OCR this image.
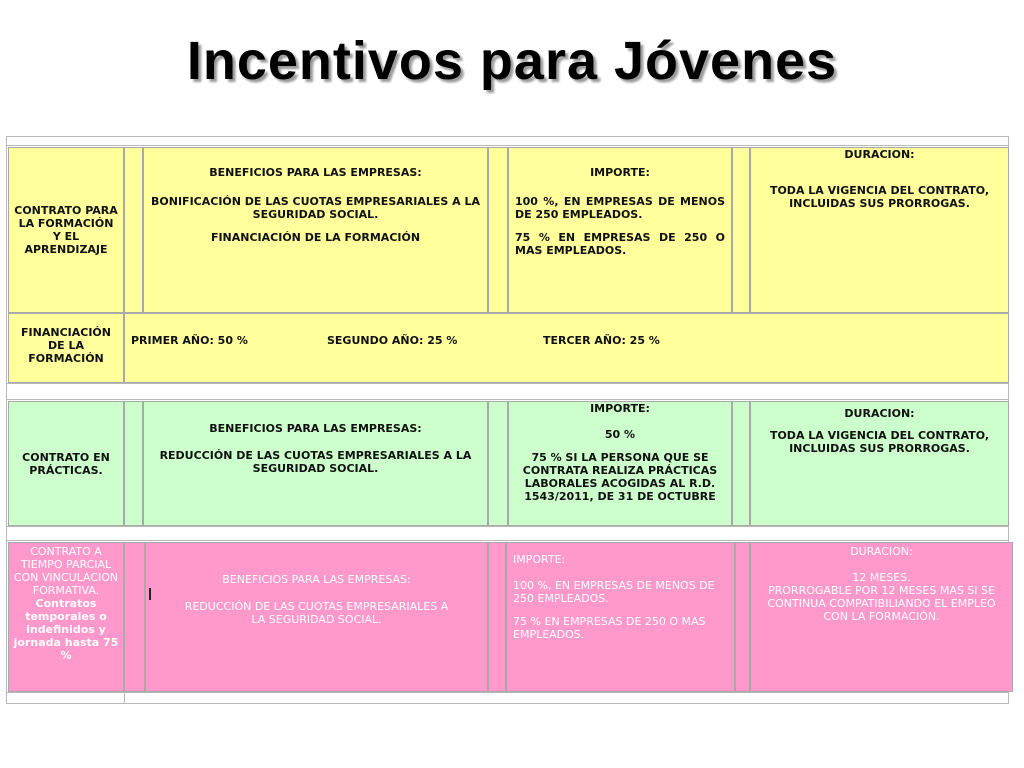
Incentivos para Jóvenes
CONTRATO PARA LA FORMACIÓN Y EL APRENDIZAJE

BENEFICIOS PARA LAS EMPRESAS:

BONIFICACIÓN DE LAS CUOTAS EMPRESARIALES A LA SEGURIDAD SOCIAL.

FINANCIACIÓN DE LA FORMACIÓN

IMPORTE:

100 %, EN EMPRESAS DE MENOS DE 250 EMPLEADOS.

75 % EN EMPRESAS DE 250 O MAS EMPLEADOS.

DURACION:

TODA LA VIGENCIA DEL CONTRATO, INCLUIDAS SUS PRORROGAS.

FINANCIACIÓN DE LA FORMACIÓN
PRIMER AÑO: 50 %	SEGUNDO AÑO: 25 %	TERCER AÑO: 25 %
CONTRATO EN PRÁCTICAS.

BENEFICIOS PARA LAS EMPRESAS:

REDUCCIÓN DE LAS CUOTAS EMPRESARIALES A LA SEGURIDAD SOCIAL.

IMPORTE:

50 %

75 % SI LA PERSONA QUE SE CONTRATA REALIZA PRÁCTICAS LABORALES ACOGIDAS AL R.D. 1543/2011, DE 31 DE OCTUBRE

DURACION:

TODA LA VIGENCIA DEL CONTRATO, INCLUIDAS SUS PRORROGAS.

CONTRATO A TIEMPO PARCIAL CON VINCULACION FORMATIVA.

Contratos temporales o indefinidos y jornada hasta 75 %

BENEFICIOS PARA LAS EMPRESAS:

REDUCCIÓN DE LAS CUOTAS EMPRESARIALES A LA SEGURIDAD SOCIAL.

IMPORTE:

100 %, EN EMPRESAS DE MENOS DE 250 EMPLEADOS.

75 % EN EMPRESAS DE 250 O MAS EMPLEADOS.

DURACION:

12 MESES.

PRORROGABLE POR 12 MESES MAS SI SE CONTINUA COMPATIBILIANDO EL EMPLEO CON LA FORMACIÓN.
